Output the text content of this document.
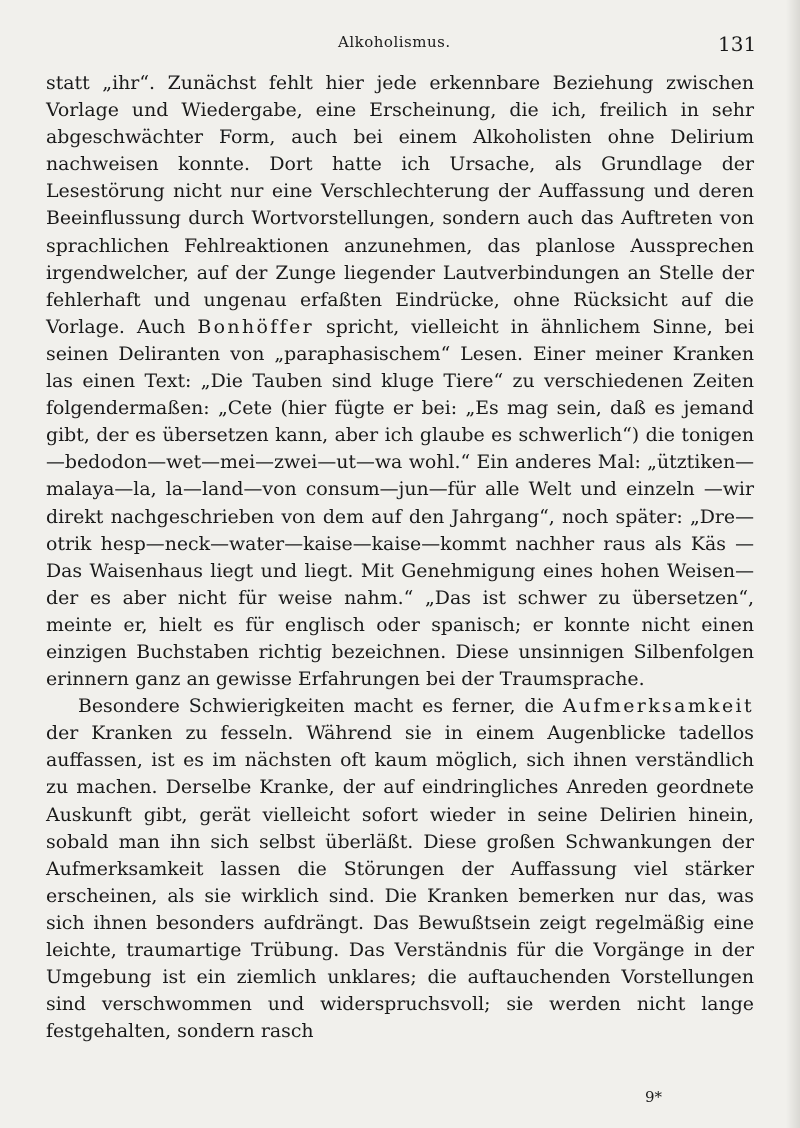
Alkoholismus.	131

statt „ihr“. Zunächst fehlt hier jede erkennbare Beziehung zwischen Vorlage und Wiedergabe, eine Erscheinung, die ich, freilich in sehr abgeschwächter Form, auch bei einem Alkoholisten ohne Delirium nachweisen konnte. Dort hatte ich Ursache, als Grundlage der Lesestörung nicht nur eine Verschlechterung der Auffassung und deren Beeinflussung durch Wortvorstellungen, sondern auch das Auftreten von sprachlichen Fehlreaktionen anzunehmen, das planlose Aussprechen irgendwelcher, auf der Zunge liegender Lautverbindungen an Stelle der fehlerhaft und ungenau erfaßten Eindrücke, ohne Rücksicht auf die Vorlage. Auch Bonhöffer spricht, vielleicht in ähnlichem Sinne, bei seinen Deliranten von „paraphasischem“ Lesen. Einer meiner Kranken las einen Text: „Die Tauben sind kluge Tiere“ zu verschiedenen Zeiten folgendermaßen: „Cete (hier fügte er bei: „Es mag sein, daß es jemand gibt, der es übersetzen kann, aber ich glaube es schwerlich“) die tonigen—bedodon—wet—mei—zwei—ut—wa wohl.“ Ein anderes Mal: „ütztiken—malaya—la, la—land—von consum—jun—für alle Welt und einzeln —wir direkt nachgeschrieben von dem auf den Jahrgang“, noch später: „Dre—otrik hesp—neck—water—kaise—kaise—kommt nachher raus als Käs — Das Waisenhaus liegt und liegt. Mit Genehmigung eines hohen Weisen—der es aber nicht für weise nahm.“ „Das ist schwer zu übersetzen“, meinte er, hielt es für englisch oder spanisch; er konnte nicht einen einzigen Buchstaben richtig bezeichnen. Diese unsinnigen Silbenfolgen erinnern ganz an gewisse Erfahrungen bei der Traumsprache.

Besondere Schwierigkeiten macht es ferner, die Aufmerksamkeit der Kranken zu fesseln. Während sie in einem Augenblicke tadellos auffassen, ist es im nächsten oft kaum möglich, sich ihnen verständlich zu machen. Derselbe Kranke, der auf eindringliches Anreden geordnete Auskunft gibt, gerät vielleicht sofort wieder in seine Delirien hinein, sobald man ihn sich selbst überläßt. Diese großen Schwankungen der Aufmerksamkeit lassen die Störungen der Auffassung viel stärker erscheinen, als sie wirklich sind. Die Kranken bemerken nur das, was sich ihnen besonders aufdrängt. Das Bewußtsein zeigt regelmäßig eine leichte, traumartige Trübung. Das Verständnis für die Vorgänge in der Umgebung ist ein ziemlich unklares; die auftauchenden Vorstellungen sind verschwommen und widerspruchsvoll; sie werden nicht lange festgehalten, sondern rasch

9*
